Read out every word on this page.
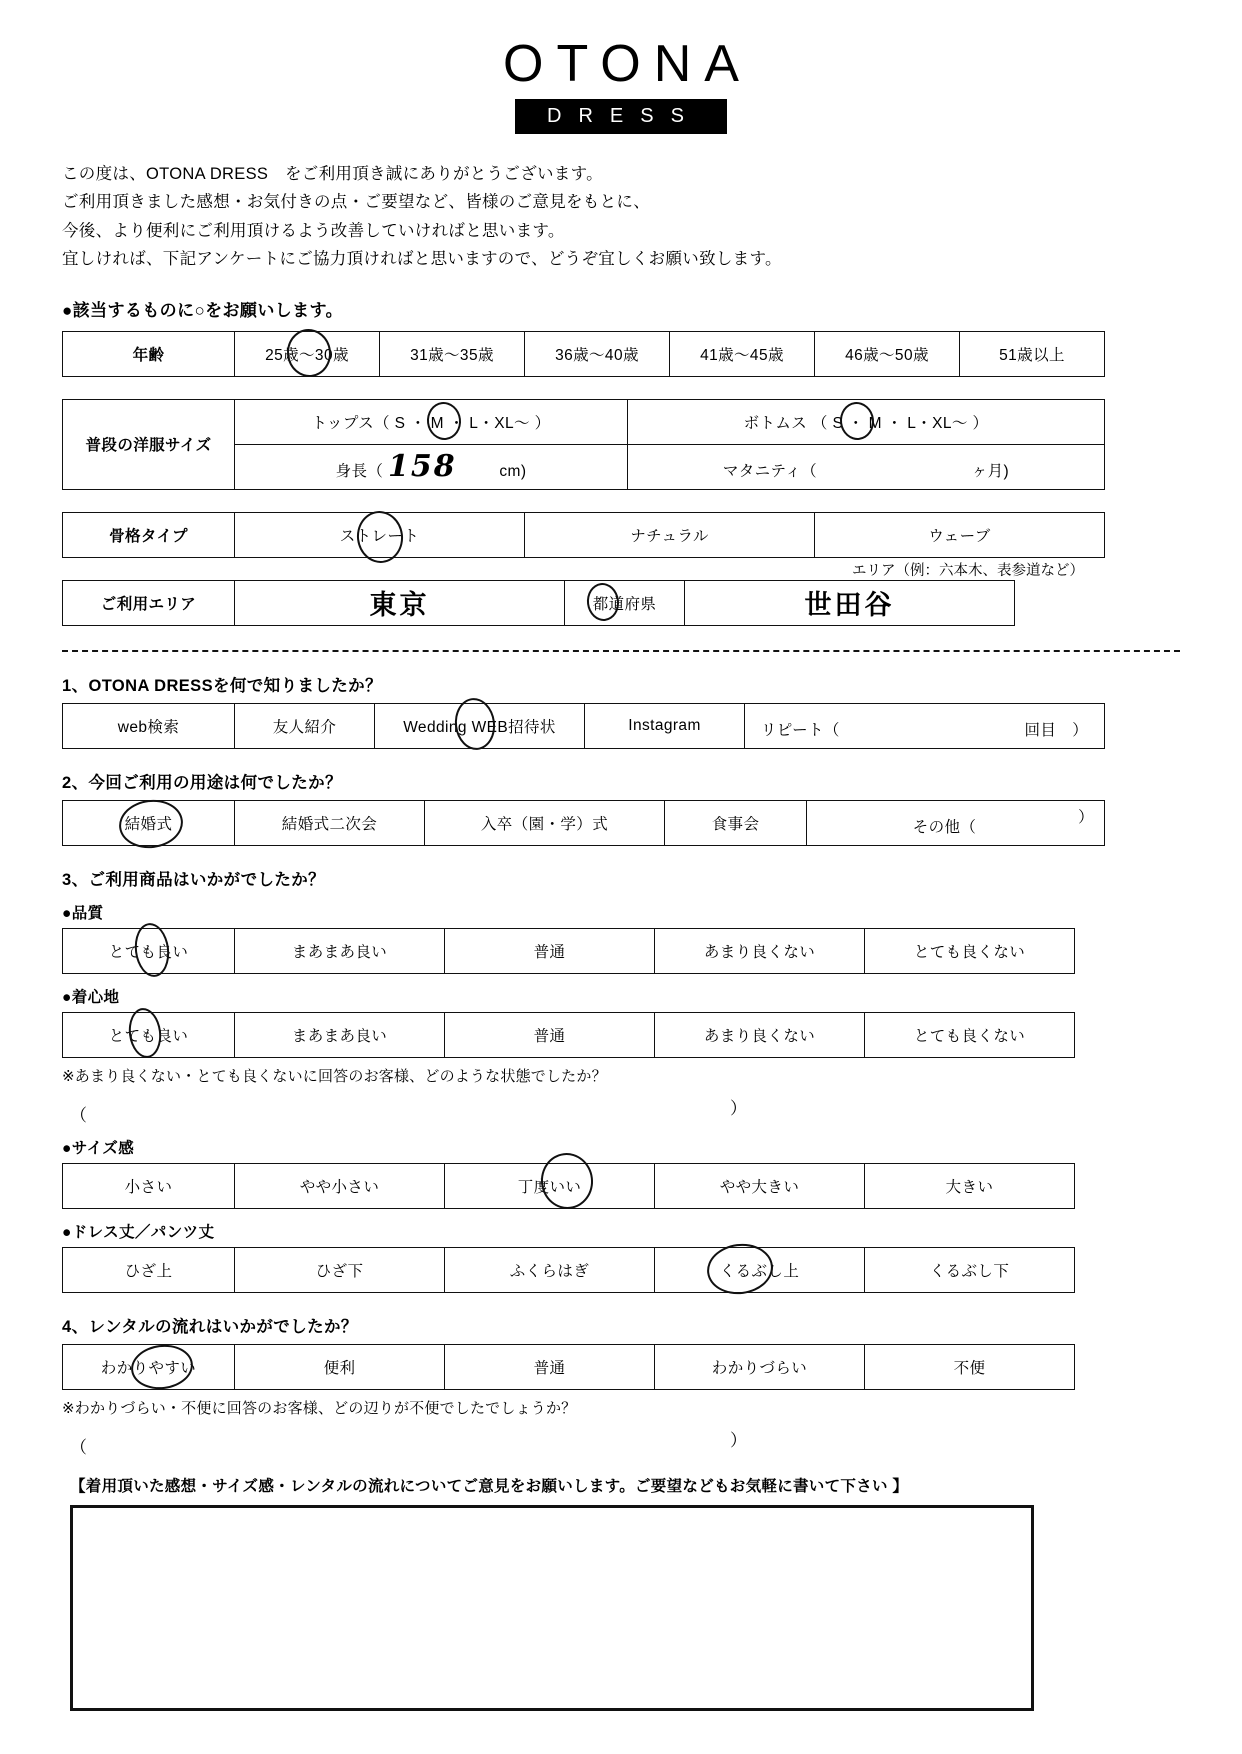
OTONA
DRESS
この度は、OTONA DRESS　をご利用頂き誠にありがとうございます。
ご利用頂きました感想・お気付きの点・ご要望など、皆様のご意見をもとに、
今後、より便利にご利用頂けるよう改善していければと思います。
宜しければ、下記アンケートにご協力頂ければと思いますので、どうぞ宜しくお願い致します。
●該当するものに○をお願いします。
年齢	25歳〜30歳	31歳〜35歳	36歳〜40歳	41歳〜45歳	46歳〜50歳	51歳以上
普段の洋服サイズ	トップス（ S ・ M ・ L・XL〜 ）	ボトムス （ S ・ M ・ L・XL〜 ）

	身長（ 158 cm)	マタニティ（ ヶ月)
骨格タイプ	ストレート	ナチュラル	ウェーブ
ご利用エリア	東京	都道府県	世田谷
エリア（例：六本木、表参道など）
1、OTONA DRESSを何で知りましたか？
web検索	友人紹介	Wedding WEB招待状	Instagram	リピート（	回目　）
2、今回ご利用の用途は何でしたか？
結婚式	結婚式二次会	入卒（園・学）式	食事会	その他（
）
3、ご利用商品はいかがでしたか？
●品質
とても良い	まあまあ良い	普通	あまり良くない	とても良くない
●着心地
とても良い	まあまあ良い	普通	あまり良くない	とても良くない
※あまり良くない・とても良くないに回答のお客様、どのような状態でしたか？
（	）
●サイズ感
小さい	やや小さい	丁度いい	やや大きい	大きい
●ドレス丈／パンツ丈
ひざ上	ひざ下	ふくらはぎ	くるぶし上	くるぶし下
4、レンタルの流れはいかがでしたか？
わかりやすい	便利	普通	わかりづらい	不便
※わかりづらい・不便に回答のお客様、どの辺りが不便でしたでしょうか？
（	）
【着用頂いた感想・サイズ感・レンタルの流れについてご意見をお願いします。ご要望などもお気軽に書いて下さい 】
